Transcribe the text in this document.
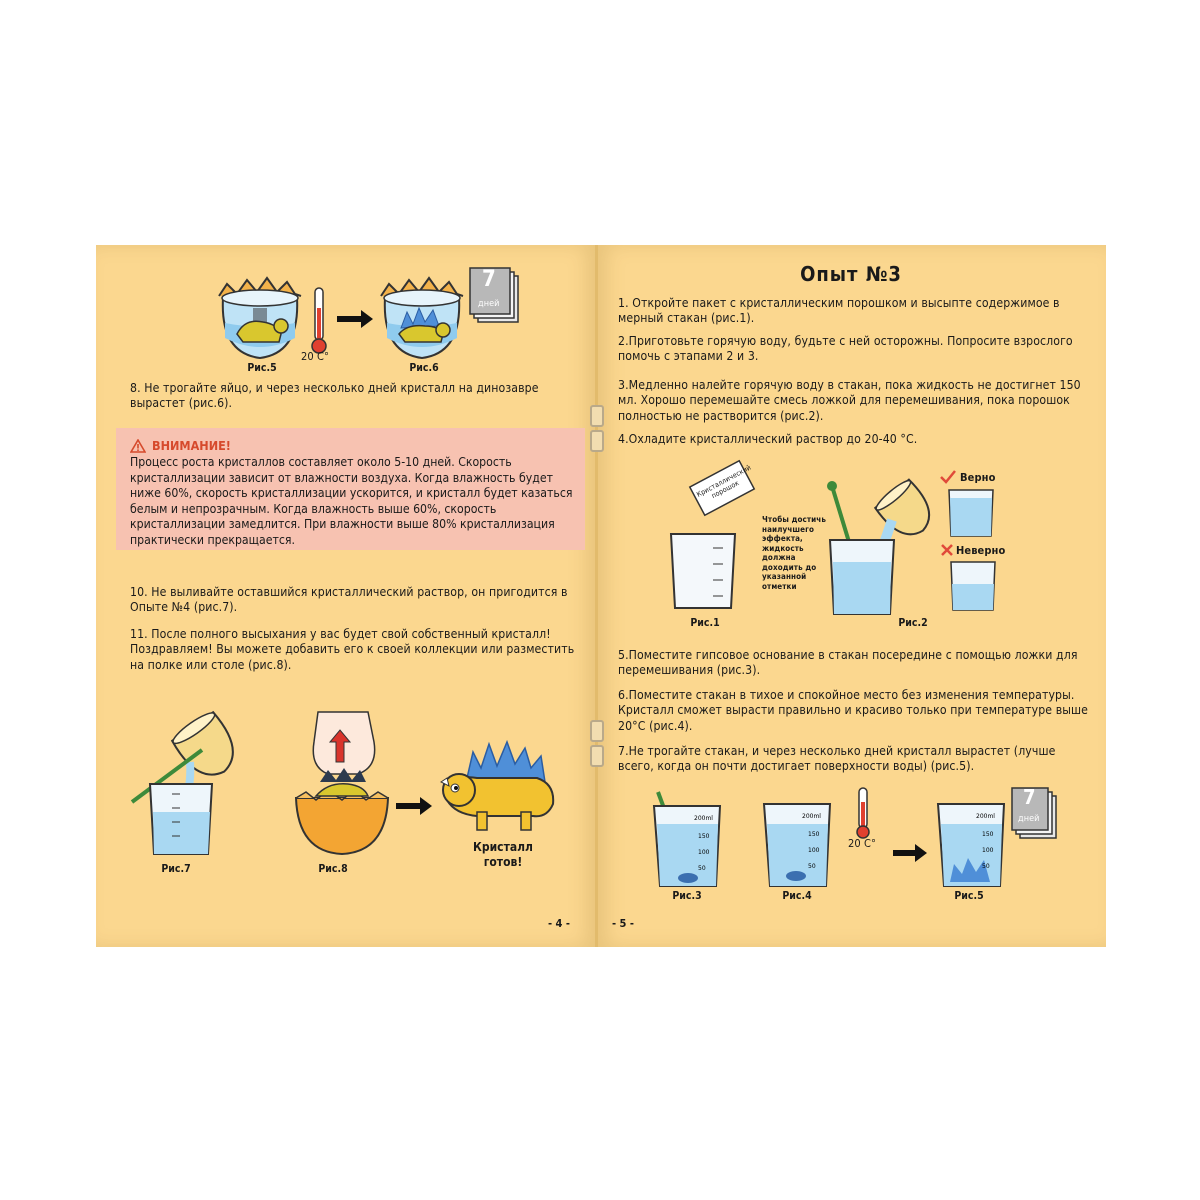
Рис.5
20 С°
Рис.6
7
дней
8. Не трогайте яйцо, и через несколько дней кристалл на динозавре вырастет (рис.6).
ВНИМАНИЕ!
Процесс роста кристаллов составляет около 5-10 дней. Скорость кристаллизации зависит от влажности воздуха. Когда влажность будет ниже 60%, скорость кристаллизации ускорится, и кристалл будет казаться белым и непрозрачным. Когда влажность выше 60%, скорость кристаллизации замедлится. При влажности выше 80% кристаллизация практически прекращается.
10. Не выливайте оставшийся кристаллический раствор, он пригодится в Опыте №4 (рис.7).
11. После полного высыхания у вас будет свой собственный кристалл! Поздравляем! Вы можете добавить его к своей коллекции или разместить на полке или столе (рис.8).
Рис.7	Рис.8
Кристалл готов!
- 4 -
Опыт №3
1. Откройте пакет с кристаллическим порошком и высыпте содержимое в мерный стакан (рис.1).
2.Приготовьте горячую воду, будьте с ней осторожны. Попросите взрослого помочь с этапами 2 и 3.
3.Медленно налейте горячую воду в стакан, пока жидкость не достигнет 150 мл. Хорошо перемешайте смесь ложкой для перемешивания, пока порошок полностью не растворится (рис.2).
4.Охладите кристаллический раствор до 20-40 °С.
Кристаллический порошок
Рис.1
Чтобы достичь наилучшего эффекта, жидкость должна доходить до указанной отметки
Рис.2
Верно
Неверно
5.Поместите гипсовое основание в стакан посередине с помощью ложки для перемешивания (рис.3).
6.Поместите стакан в тихое и спокойное место без изменения температуры. Кристалл сможет вырасти правильно и красиво только при температуре выше 20°С (рис.4).
7.Не трогайте стакан, и через несколько дней кристалл вырастет (лучше всего, когда он почти достигает поверхности воды) (рис.5).
200ml
150
100
50
Рис.3
200ml
150
100
50
Рис.4
20 С°
200ml
150
100
50
Рис.5
7
дней
- 5 -
